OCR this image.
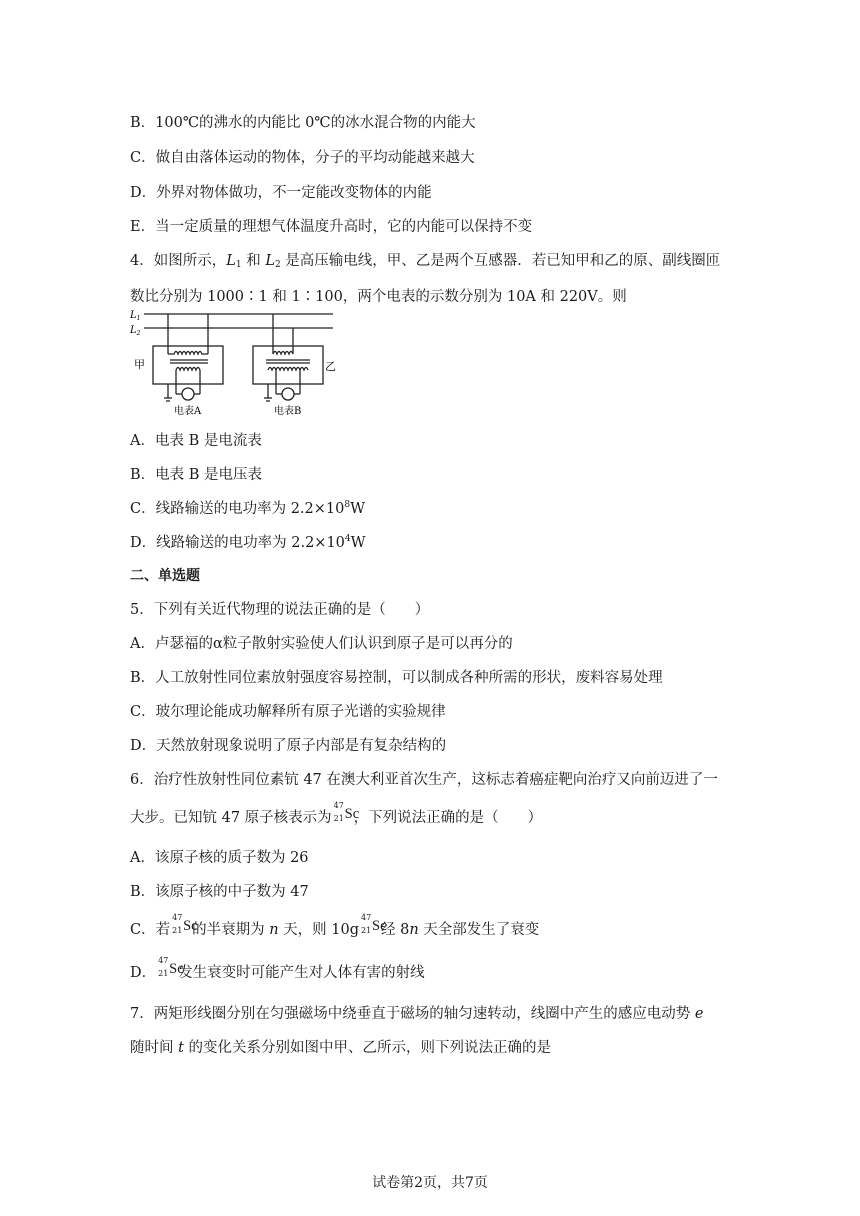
B．100℃的沸水的内能比 0℃的冰水混合物的内能大
C．做自由落体运动的物体，分子的平均动能越来越大
D．外界对物体做功，不一定能改变物体的内能
E．当一定质量的理想气体温度升高时，它的内能可以保持不变
4．如图所示，$L_1$ 和 $L_2$ 是高压输电线，甲、乙是两个互感器．若已知甲和乙的原、副线圈匝
数比分别为 1000∶1 和 1∶100，两个电表的示数分别为 10A 和 220V。则
$L_1$
$L_2$
甲	乙
电表A	电表B
A．电表 B 是电流表
B．电表 B 是电压表
C．线路输送的电功率为 $2.2\times 10^8W$
D．线路输送的电功率为 $2.2\times 10^4W$
二、单选题
5．下列有关近代物理的说法正确的是（　　）
A．卢瑟福的α粒子散射实验使人们认识到原子是可以再分的
B．人工放射性同位素放射强度容易控制，可以制成各种所需的形状，废料容易处理
C．玻尔理论能成功解释所有原子光谱的实验规律
D．天然放射现象说明了原子内部是有复杂结构的
6．治疗性放射性同位素钪 47 在澳大利亚首次生产，这标志着癌症靶向治疗又向前迈进了一
大步。已知钪 47 原子核表示为
47
21 Sc
，下列说法正确的是（　　）
A．该原子核的质子数为 26
B．该原子核的中子数为 47
C．若
47
21 Sc
的半衰期为 n 天，则 10g
47
21 Sc
经 8n 天全部发生了衰变
D．
47
21 Sc
发生衰变时可能产生对人体有害的射线
7．两矩形线圈分别在匀强磁场中绕垂直于磁场的轴匀速转动，线圈中产生的感应电动势 e
随时间 t 的变化关系分别如图中甲、乙所示，则下列说法正确的是
试卷第2页，共7页
